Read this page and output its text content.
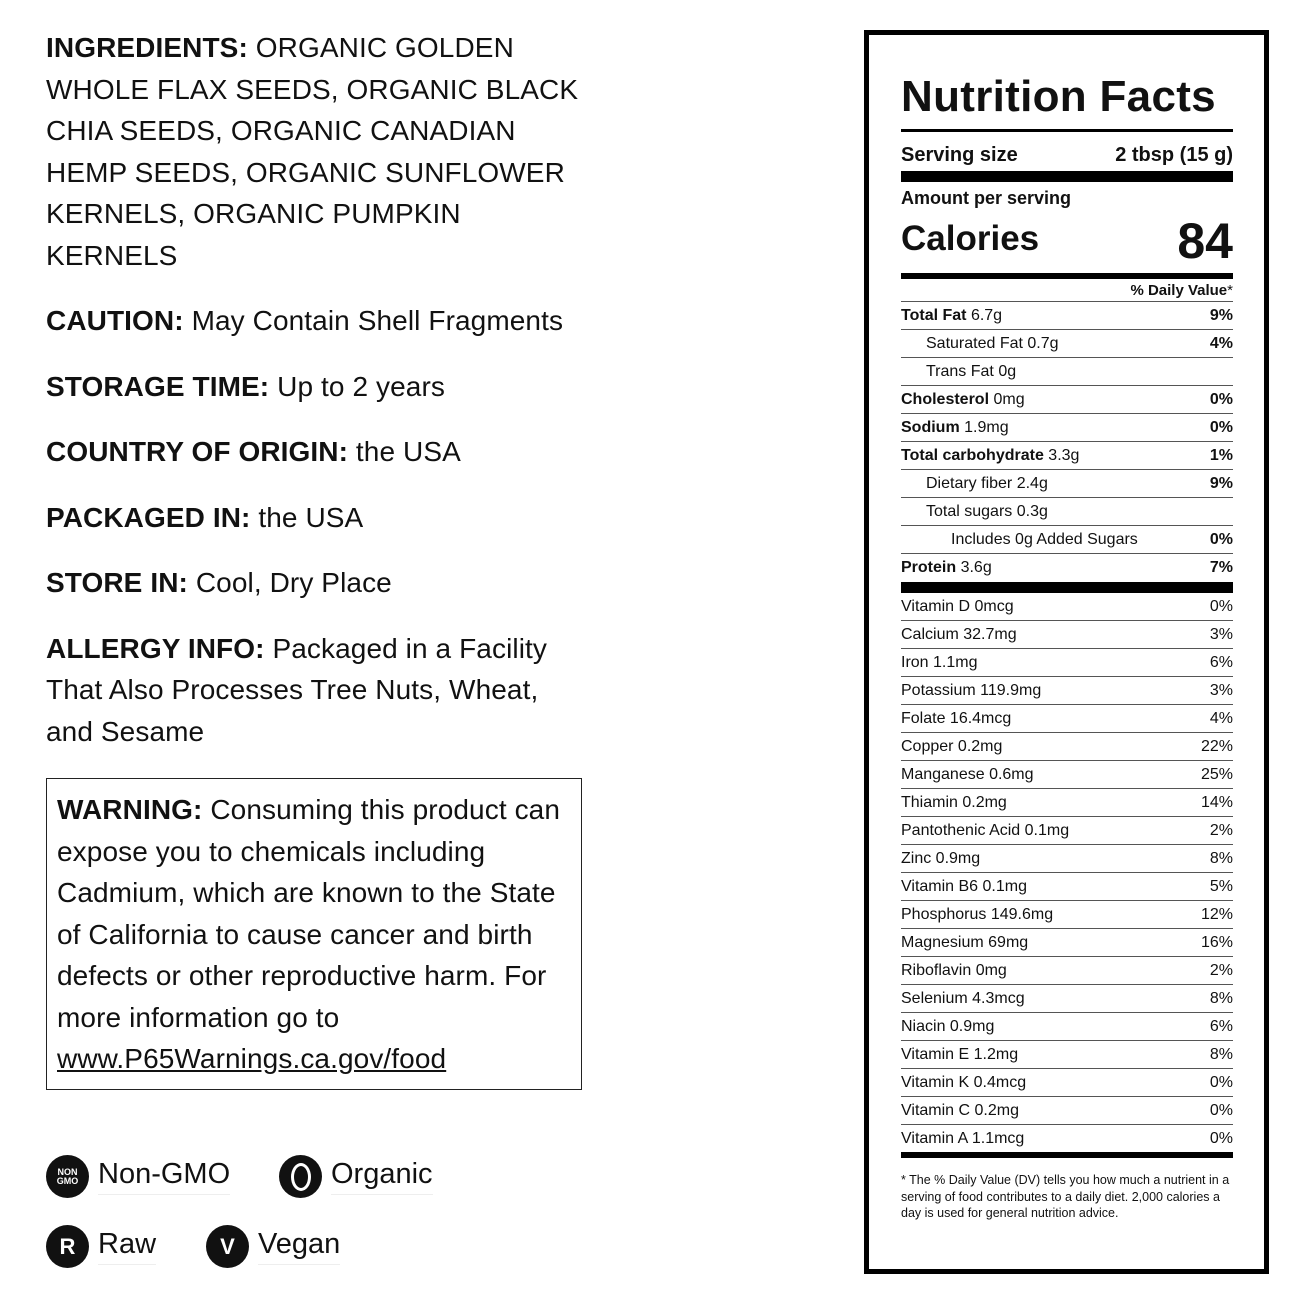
INGREDIENTS: ORGANIC GOLDEN WHOLE FLAX SEEDS, ORGANIC BLACK CHIA SEEDS, ORGANIC CANADIAN HEMP SEEDS, ORGANIC SUNFLOWER KERNELS, ORGANIC PUMPKIN KERNELS

CAUTION: May Contain Shell Fragments

STORAGE TIME: Up to 2 years

COUNTRY OF ORIGIN: the USA

PACKAGED IN: the USA

STORE IN: Cool, Dry Place

ALLERGY INFO: Packaged in a Facility That Also Processes Tree Nuts, Wheat, and Sesame

WARNING: Consuming this product can expose you to chemicals including Cadmium, which are known to the State of California to cause cancer and birth defects or other reproductive harm. For more information go to www.P65Warnings.ca.gov/food

NON GMO Non-GMO	Organic
R Raw	V Vegan
Nutrition Facts
Serving size	2 tbsp (15 g)
Amount per serving
Calories	84
% Daily Value*
Total Fat 6.7g	9%
Saturated Fat 0.7g	4%
Trans Fat 0g
Cholesterol 0mg	0%
Sodium 1.9mg	0%
Total carbohydrate 3.3g	1%
Dietary fiber 2.4g	9%
Total sugars 0.3g
Includes 0g Added Sugars	0%
Protein 3.6g	7%
Vitamin D 0mcg	0%
Calcium 32.7mg	3%
Iron 1.1mg	6%
Potassium 119.9mg	3%
Folate 16.4mcg	4%
Copper 0.2mg	22%
Manganese 0.6mg	25%
Thiamin 0.2mg	14%
Pantothenic Acid 0.1mg	2%
Zinc 0.9mg	8%
Vitamin B6 0.1mg	5%
Phosphorus 149.6mg	12%
Magnesium 69mg	16%
Riboflavin 0mg	2%
Selenium 4.3mcg	8%
Niacin 0.9mg	6%
Vitamin E 1.2mg	8%
Vitamin K 0.4mcg	0%
Vitamin C 0.2mg	0%
Vitamin A 1.1mcg	0%
* The % Daily Value (DV) tells you how much a nutrient in a serving of food contributes to a daily diet. 2,000 calories a day is used for general nutrition advice.
